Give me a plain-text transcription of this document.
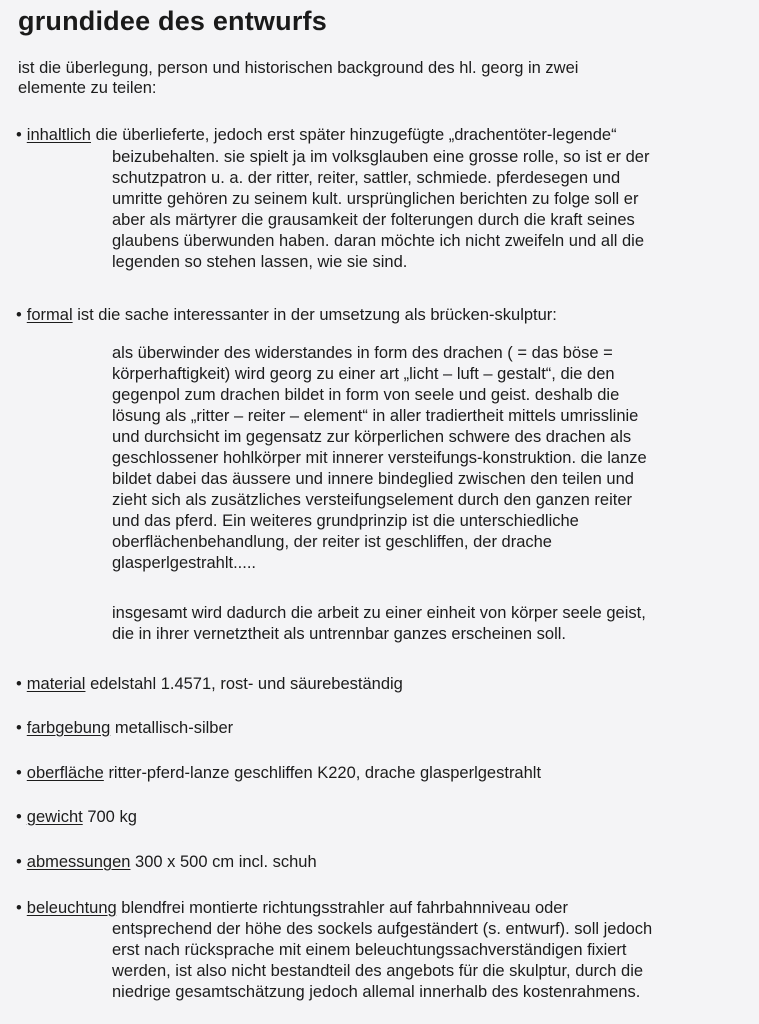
grundidee des entwurfs

ist die überlegung, person und historischen background des hl. georg in zwei
elemente zu teilen:

• inhaltlich die überlieferte, jedoch erst später hinzugefügte „drachentöter-legende“

beizubehalten. sie spielt ja im volksglauben eine grosse rolle, so ist er der
schutzpatron u. a. der ritter, reiter, sattler, schmiede. pferdesegen und
umritte gehören zu seinem kult. ursprünglichen berichten zu folge soll er
aber als märtyrer die grausamkeit der folterungen durch die kraft seines
glaubens überwunden haben. daran möchte ich nicht zweifeln und all die
legenden so stehen lassen, wie sie sind.

• formal ist die sache interessanter in der umsetzung als brücken-skulptur:

als überwinder des widerstandes in form des drachen ( = das böse =
körperhaftigkeit) wird georg zu einer art „licht – luft – gestalt“, die den
gegenpol zum drachen bildet in form von seele und geist. deshalb die
lösung als „ritter – reiter – element“ in aller tradiertheit mittels umrisslinie
und durchsicht im gegensatz zur körperlichen schwere des drachen als
geschlossener hohlkörper mit innerer versteifungs-konstruktion. die lanze
bildet dabei das äussere und innere bindeglied zwischen den teilen und
zieht sich als zusätzliches versteifungselement durch den ganzen reiter
und das pferd. Ein weiteres grundprinzip ist die unterschiedliche
oberflächenbehandlung, der reiter ist geschliffen, der drache
glasperlgestrahlt.....

insgesamt wird dadurch die arbeit zu einer einheit von körper seele geist,
die in ihrer vernetztheit als untrennbar ganzes erscheinen soll.

• material edelstahl 1.4571, rost- und säurebeständig

• farbgebung metallisch-silber

• oberfläche ritter-pferd-lanze geschliffen K220, drache glasperlgestrahlt

• gewicht 700 kg

• abmessungen 300 x 500 cm incl. schuh

• beleuchtung blendfrei montierte richtungsstrahler auf fahrbahnniveau oder

entsprechend der höhe des sockels aufgeständert (s. entwurf). soll jedoch
erst nach rücksprache mit einem beleuchtungssachverständigen fixiert
werden, ist also nicht bestandteil des angebots für die skulptur, durch die
niedrige gesamtschätzung jedoch allemal innerhalb des kostenrahmens.
